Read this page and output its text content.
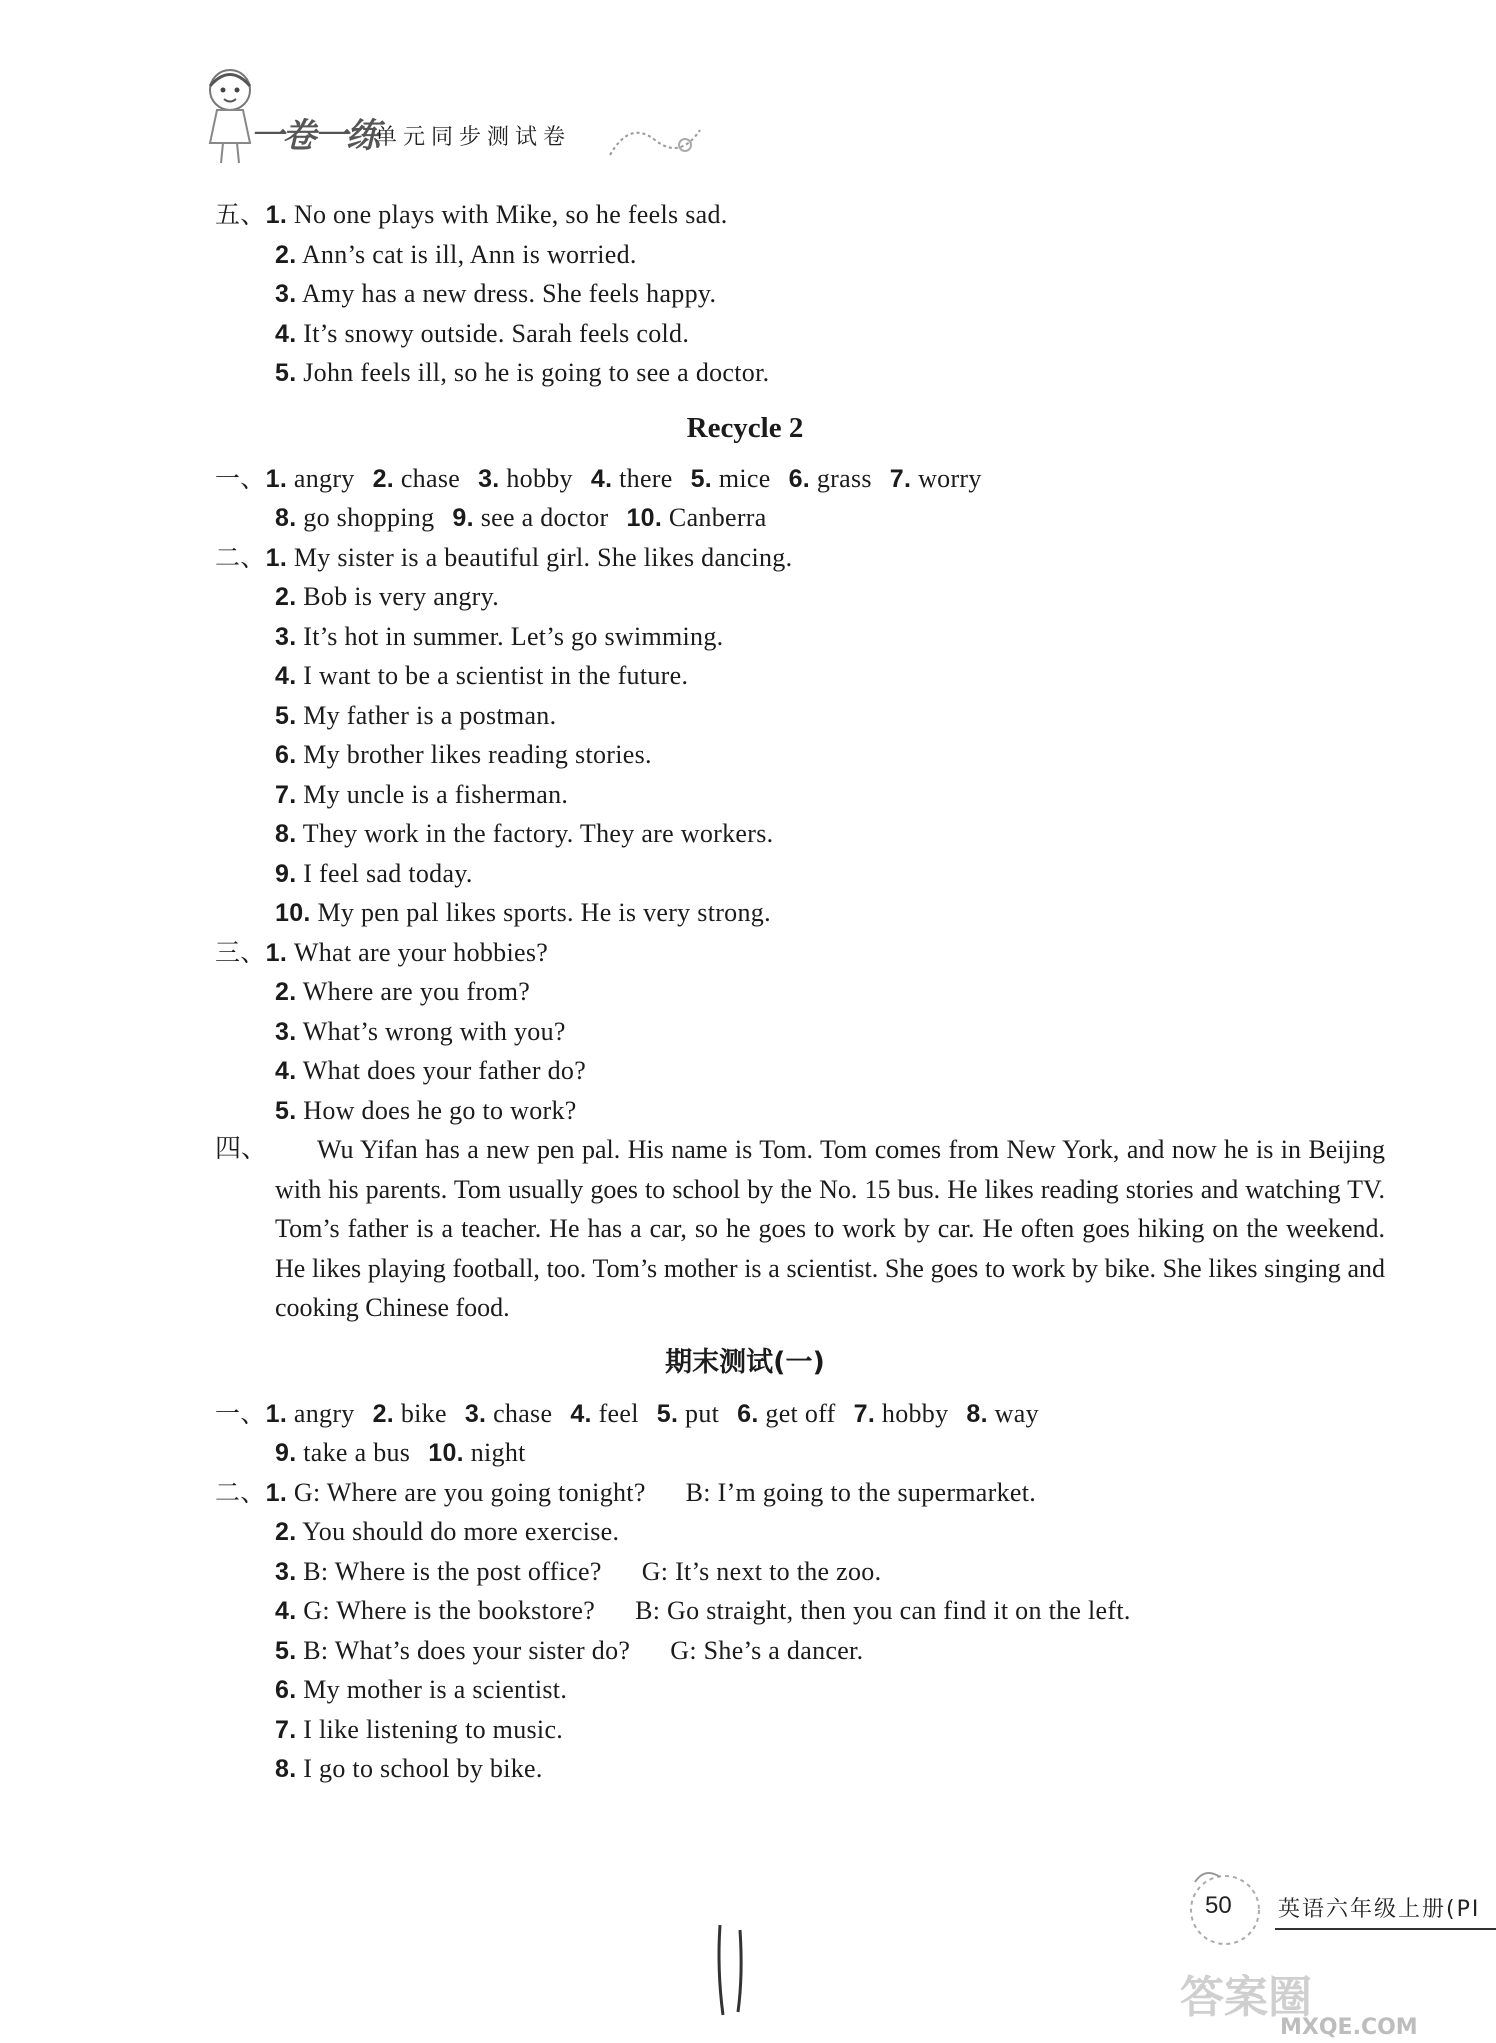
一卷一练
单元同步测试卷
五、1. No one plays with Mike, so he feels sad.
2. Ann’s cat is ill, Ann is worried.
3. Amy has a new dress. She feels happy.
4. It’s snowy outside. Sarah feels cold.
5. John feels ill, so he is going to see a doctor.
Recycle 2
一、1. angry 2. chase 3. hobby 4. there 5. mice 6. grass 7. worry
8. go shopping 9. see a doctor 10. Canberra
二、1. My sister is a beautiful girl. She likes dancing.
2. Bob is very angry.
3. It’s hot in summer. Let’s go swimming.
4. I want to be a scientist in the future.
5. My father is a postman.
6. My brother likes reading stories.
7. My uncle is a fisherman.
8. They work in the factory. They are workers.
9. I feel sad today.
10. My pen pal likes sports. He is very strong.
三、1. What are your hobbies?
2. Where are you from?
3. What’s wrong with you?
4. What does your father do?
5. How does he go to work?
四、 Wu Yifan has a new pen pal. His name is Tom. Tom comes from New York, and now he is in Beijing with his parents. Tom usually goes to school by the No. 15 bus. He likes reading stories and watching TV. Tom’s father is a teacher. He has a car, so he goes to work by car. He often goes hiking on the weekend. He likes playing football, too. Tom’s mother is a scientist. She goes to work by bike. She likes singing and cooking Chinese food.
期末测试(一)
一、1. angry 2. bike 3. chase 4. feel 5. put 6. get off 7. hobby 8. way
9. take a bus 10. night
二、1. G: Where are you going tonight? B: I’m going to the supermarket.
2. You should do more exercise.
3. B: Where is the post office? G: It’s next to the zoo.
4. G: Where is the bookstore? B: Go straight, then you can find it on the left.
5. B: What’s does your sister do? G: She’s a dancer.
6. My mother is a scientist.
7. I like listening to music.
8. I go to school by bike.
50 英语六年级上册(PI
答案圈
MXQE.COM
